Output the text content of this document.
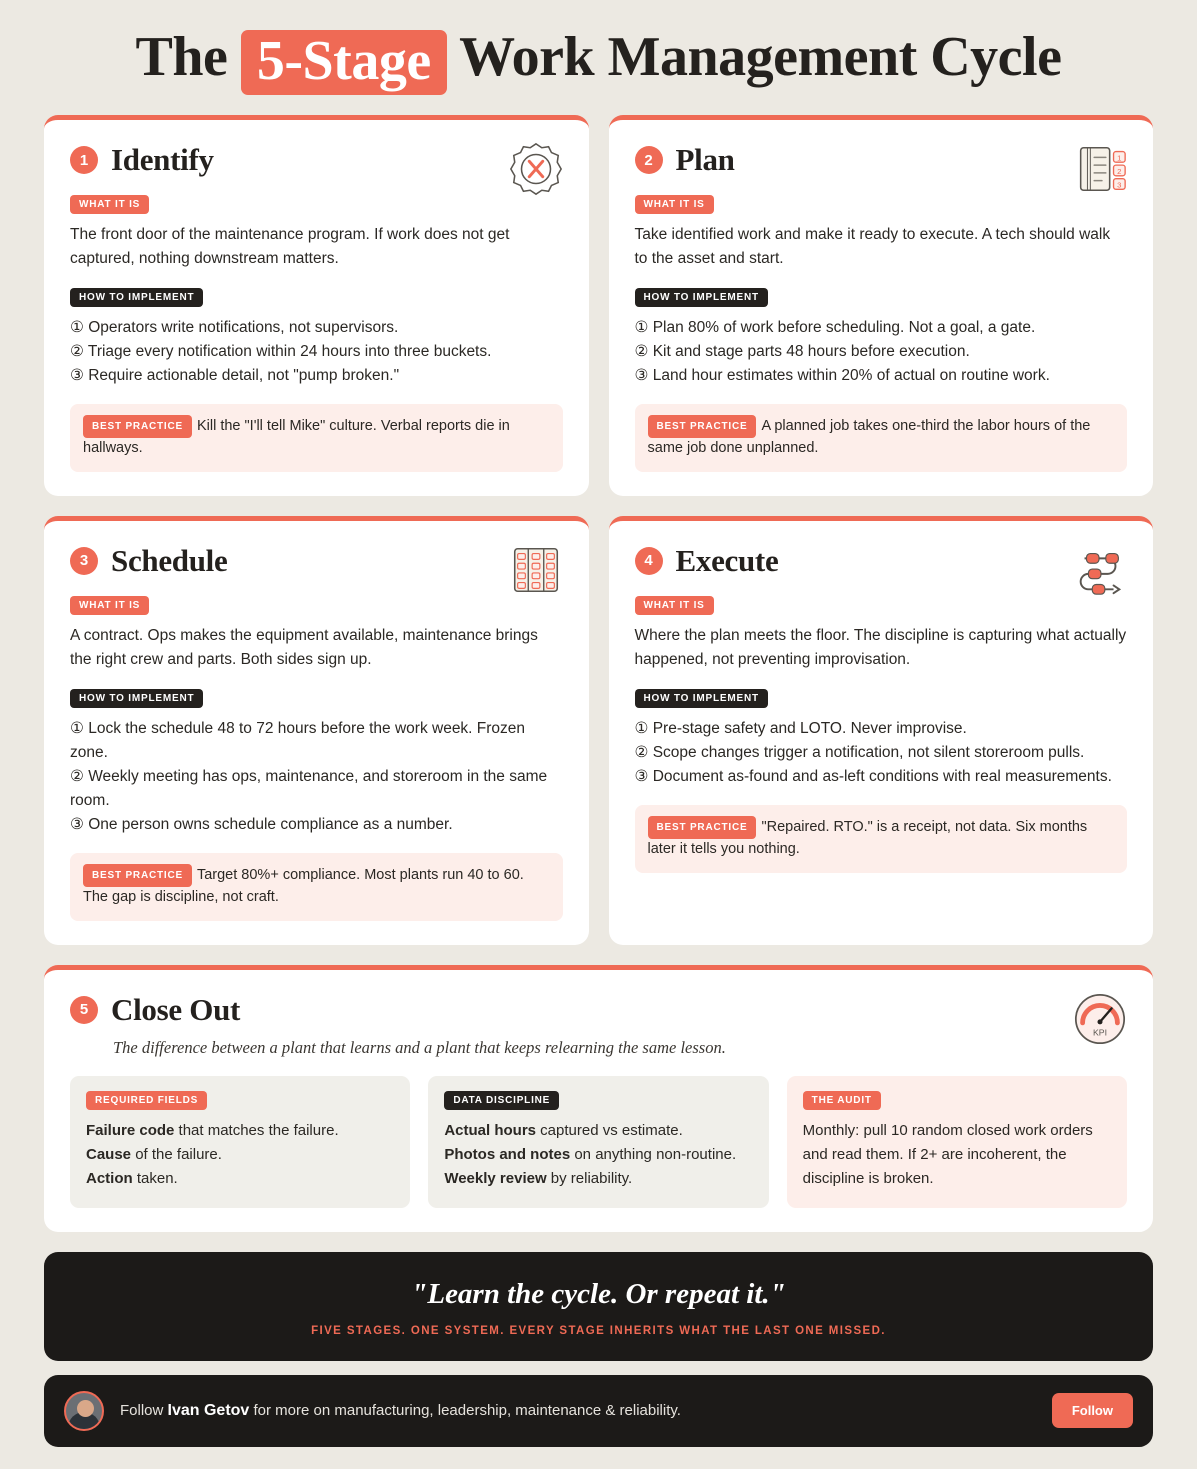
The 5-Stage Work Management Cycle
1 Identify
WHAT IT IS
The front door of the maintenance program. If work does not get captured, nothing downstream matters.
HOW TO IMPLEMENT
① Operators write notifications, not supervisors.
② Triage every notification within 24 hours into three buckets.
③ Require actionable detail, not "pump broken."
BEST PRACTICE Kill the "I'll tell Mike" culture. Verbal reports die in hallways.
2 Plan	1
2
3
WHAT IT IS
Take identified work and make it ready to execute. A tech should walk to the asset and start.
HOW TO IMPLEMENT
① Plan 80% of work before scheduling. Not a goal, a gate.
② Kit and stage parts 48 hours before execution.
③ Land hour estimates within 20% of actual on routine work.
BEST PRACTICE A planned job takes one-third the labor hours of the same job done unplanned.
3 Schedule
WHAT IT IS
A contract. Ops makes the equipment available, maintenance brings the right crew and parts. Both sides sign up.
HOW TO IMPLEMENT
① Lock the schedule 48 to 72 hours before the work week. Frozen zone.
② Weekly meeting has ops, maintenance, and storeroom in the same room.
③ One person owns schedule compliance as a number.
BEST PRACTICE Target 80%+ compliance. Most plants run 40 to 60. The gap is discipline, not craft.
4 Execute
WHAT IT IS
Where the plan meets the floor. The discipline is capturing what actually happened, not preventing improvisation.
HOW TO IMPLEMENT
① Pre-stage safety and LOTO. Never improvise.
② Scope changes trigger a notification, not silent storeroom pulls.
③ Document as-found and as-left conditions with real measurements.
BEST PRACTICE "Repaired. RTO." is a receipt, not data. Six months later it tells you nothing.
5 Close Out
KPI
The difference between a plant that learns and a plant that keeps relearning the same lesson.
REQUIRED FIELDS
Failure code that matches the failure.
Cause of the failure.
Action taken.
DATA DISCIPLINE
Actual hours captured vs estimate.
Photos and notes on anything non-routine.
Weekly review by reliability.
THE AUDIT
Monthly: pull 10 random closed work orders and read them. If 2+ are incoherent, the discipline is broken.
"Learn the cycle. Or repeat it."
FIVE STAGES. ONE SYSTEM. EVERY STAGE INHERITS WHAT THE LAST ONE MISSED.
Follow Ivan Getov for more on manufacturing, leadership, maintenance & reliability.	Follow
